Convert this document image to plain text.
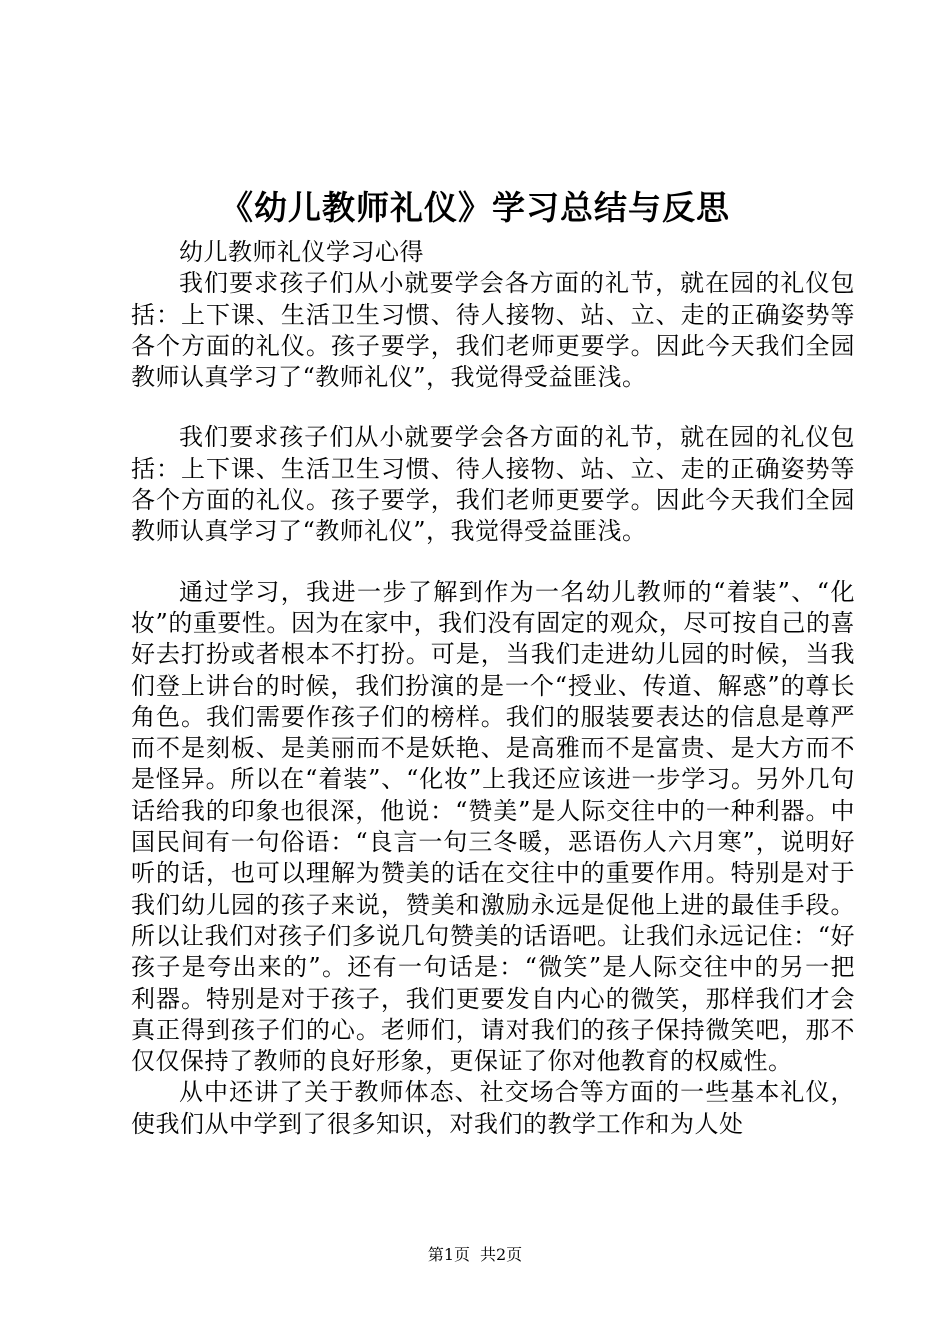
《幼儿教师礼仪》学习总结与反思

幼儿教师礼仪学习心得

我们要求孩子们从小就要学会各方面的礼节，就在园的礼仪包括：上下课、生活卫生习惯、待人接物、站、立、走的正确姿势等各个方面的礼仪。孩子要学，我们老师更要学。因此今天我们全园教师认真学习了“教师礼仪”，我觉得受益匪浅。

我们要求孩子们从小就要学会各方面的礼节，就在园的礼仪包括：上下课、生活卫生习惯、待人接物、站、立、走的正确姿势等各个方面的礼仪。孩子要学，我们老师更要学。因此今天我们全园教师认真学习了“教师礼仪”，我觉得受益匪浅。

通过学习，我进一步了解到作为一名幼儿教师的“着装”、“化妆”的重要性。因为在家中，我们没有固定的观众，尽可按自己的喜好去打扮或者根本不打扮。可是，当我们走进幼儿园的时候，当我们登上讲台的时候，我们扮演的是一个“授业、传道、解惑”的尊长角色。我们需要作孩子们的榜样。我们的服装要表达的信息是尊严而不是刻板、是美丽而不是妖艳、是高雅而不是富贵、是大方而不是怪异。所以在“着装”、“化妆”上我还应该进一步学习。另外几句话给我的印象也很深，他说：“赞美”是人际交往中的一种利器。中国民间有一句俗语：“良言一句三冬暖，恶语伤人六月寒”，说明好听的话，也可以理解为赞美的话在交往中的重要作用。特别是对于我们幼儿园的孩子来说，赞美和激励永远是促他上进的最佳手段。所以让我们对孩子们多说几句赞美的话语吧。让我们永远记住：“好孩子是夸出来的”。还有一句话是：“微笑”是人际交往中的另一把利器。特别是对于孩子，我们更要发自内心的微笑，那样我们才会真正得到孩子们的心。老师们，请对我们的孩子保持微笑吧，那不仅仅保持了教师的良好形象，更保证了你对他教育的权威性。

从中还讲了关于教师体态、社交场合等方面的一些基本礼仪，使我们从中学到了很多知识，对我们的教学工作和为人处

第1页 共2页
